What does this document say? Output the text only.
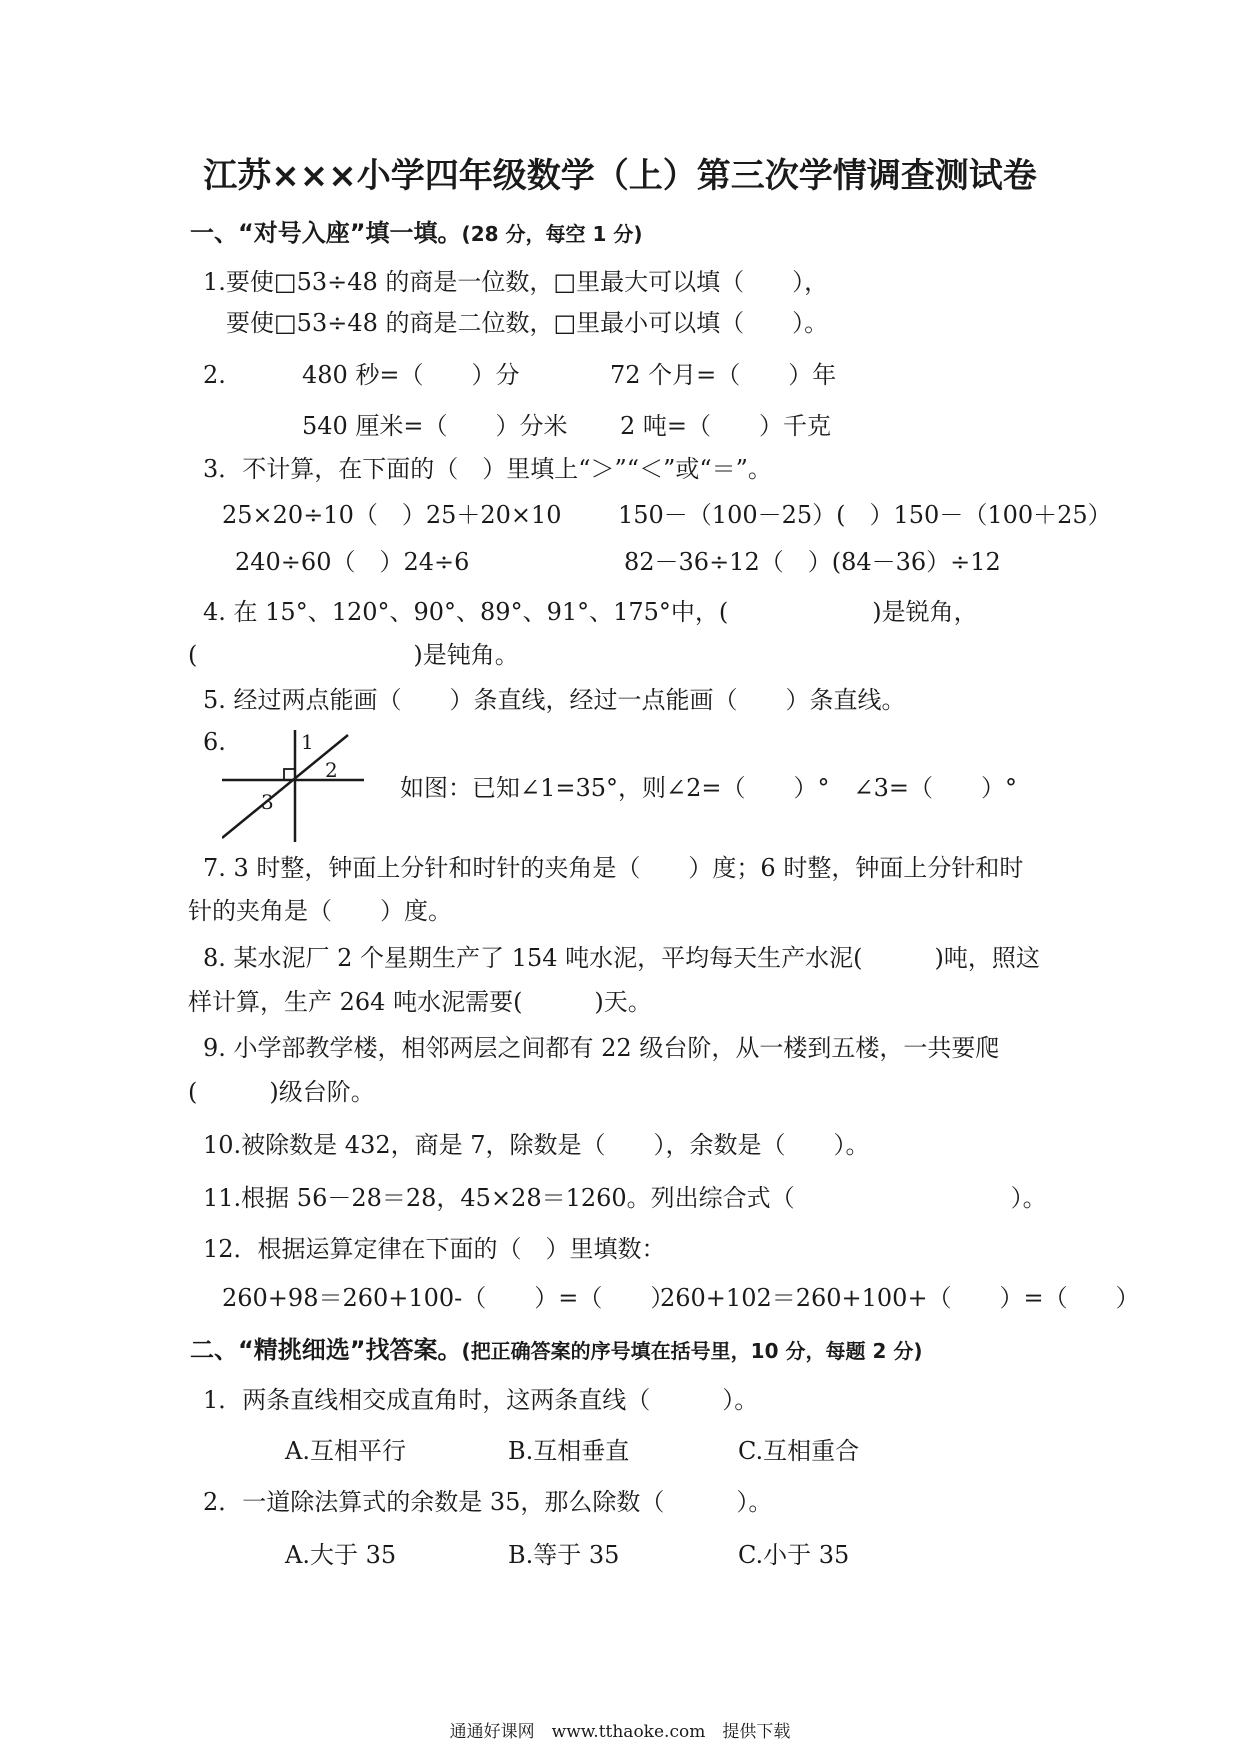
江苏×××小学四年级数学（上）第三次学情调查测试卷

一、“对号入座”填一填。(28 分，每空 1 分)

1.要使□53÷48 的商是一位数，□里最大可以填（　　），

要使□53÷48 的商是二位数，□里最小可以填（　　）。

2.	480 秒=（　　）分	72 个月=（　　）年

540 厘米=（　　）分米 2 吨=（　　）千克

3．不计算，在下面的（　）里填上“＞”“＜”或“＝”。

25×20÷10（　）25＋20×10 150－（100－25）(　）150－（100＋25）

240÷60（　）24÷6	82－36÷12（　）(84－36）÷12

4. 在 15°、120°、90°、89°、91°、175°中，(　　　　　　)是锐角，

(　　　　　　　　　)是钝角。

5. 经过两点能画（　　）条直线，经过一点能画（　　）条直线。

6.	1
2
3	如图：已知∠1=35°，则∠2=（　　）°　∠3=（　　）°

7. 3 时整，钟面上分针和时针的夹角是（　　）度；6 时整，钟面上分针和时

针的夹角是（　　）度。

8. 某水泥厂 2 个星期生产了 154 吨水泥，平均每天生产水泥(　　　)吨，照这

样计算，生产 264 吨水泥需要(　　　)天。

9. 小学部教学楼，相邻两层之间都有 22 级台阶，从一楼到五楼，一共要爬

(　　　)级台阶。

10.被除数是 432，商是 7，除数是（　　），余数是（　　）。

11.根据 56－28＝28，45×28＝1260。列出综合式（　　　　　　　　　）。

12．根据运算定律在下面的（　）里填数：

260+98＝260+100-（　　）=（　　）

260+102＝260+100+（　　）=（　　）

二、“精挑细选”找答案。(把正确答案的序号填在括号里，10 分，每题 2 分)

1．两条直线相交成直角时，这两条直线（　　　）。

A.互相平行	B.互相垂直	C.互相重合

2．一道除法算式的余数是 35，那么除数（　　　）。

A.大于 35	B.等于 35	C.小于 35

通通好课网　www.tthaoke.com　提供下载
